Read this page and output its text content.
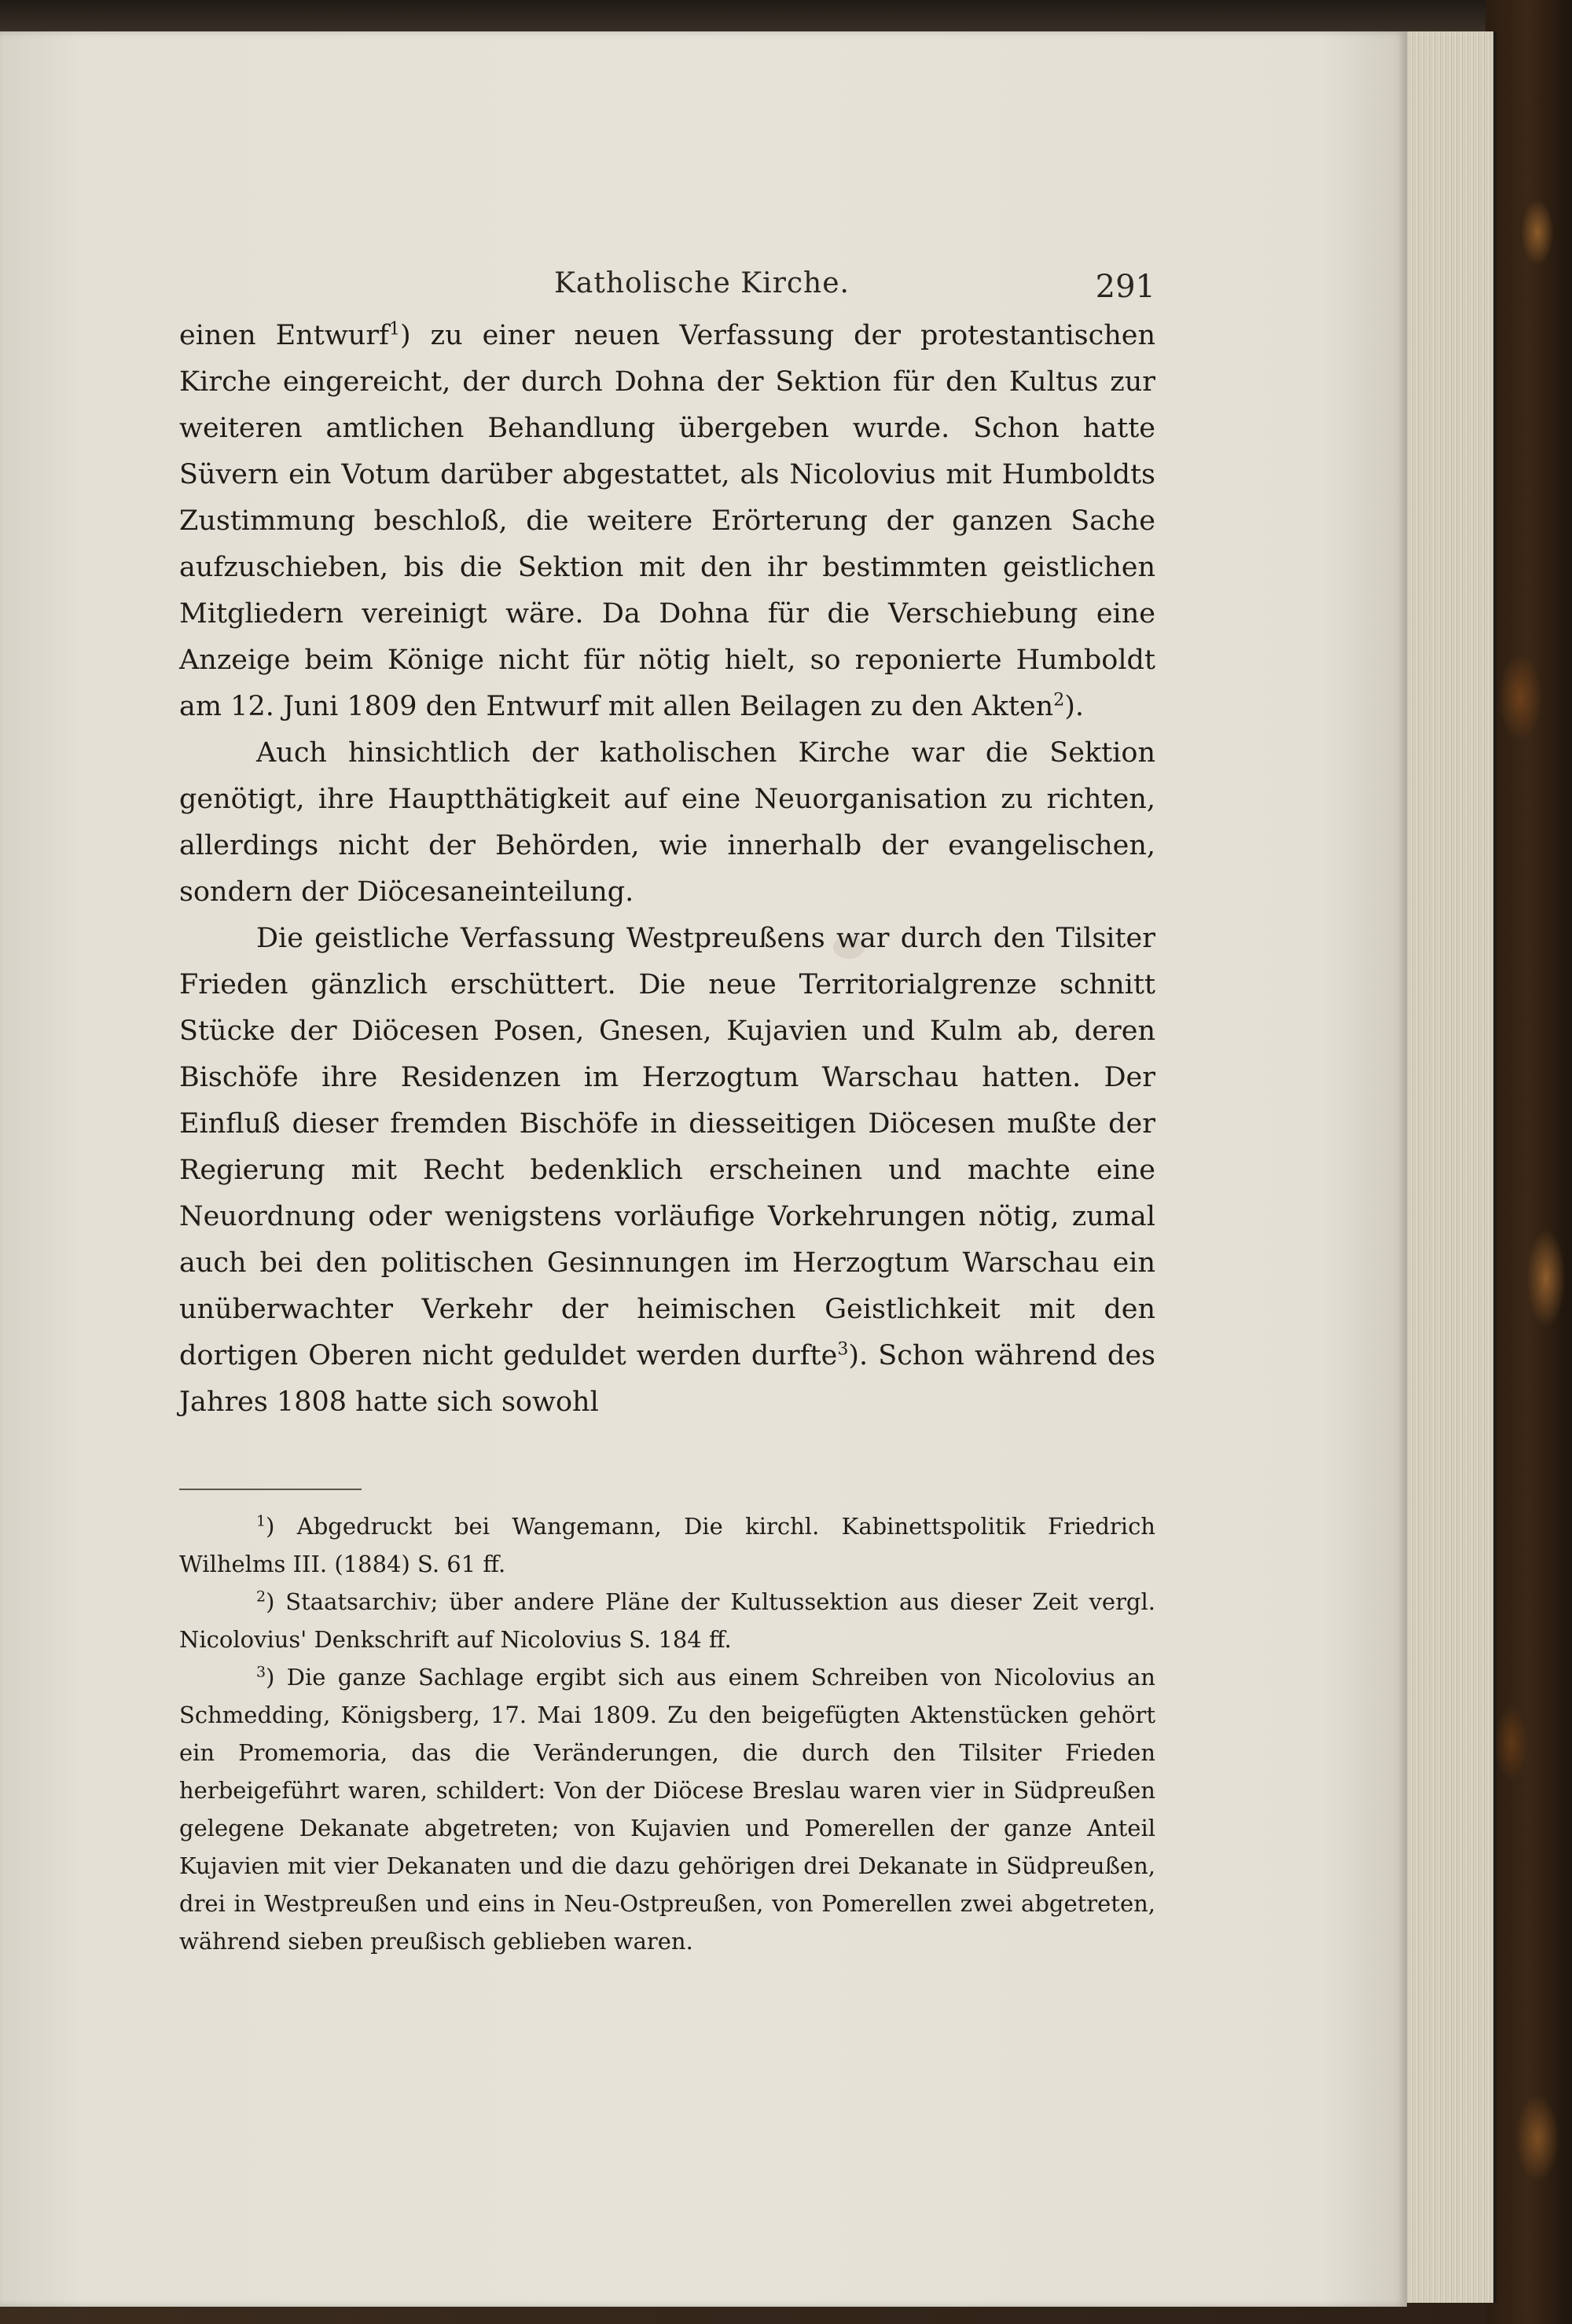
Katholische Kirche.	291

einen Entwurf$^1$) zu einer neuen Verfassung der protestantischen Kirche eingereicht, der durch Dohna der Sektion für den Kultus zur weiteren amtlichen Behandlung übergeben wurde. Schon hatte Süvern ein Votum darüber abgestattet, als Nicolovius mit Humboldts Zustimmung beschloß, die weitere Erörterung der ganzen Sache aufzuschieben, bis die Sektion mit den ihr bestimmten geistlichen Mitgliedern vereinigt wäre. Da Dohna für die Verschiebung eine Anzeige beim Könige nicht für nötig hielt, so reponierte Humboldt am 12. Juni 1809 den Entwurf mit allen Beilagen zu den Akten$^2$).

Auch hinsichtlich der katholischen Kirche war die Sektion genötigt, ihre Hauptthätigkeit auf eine Neuorganisation zu richten, allerdings nicht der Behörden, wie innerhalb der evangelischen, sondern der Diöcesaneinteilung.

Die geistliche Verfassung Westpreußens war durch den Tilsiter Frieden gänzlich erschüttert. Die neue Territorialgrenze schnitt Stücke der Diöcesen Posen, Gnesen, Kujavien und Kulm ab, deren Bischöfe ihre Residenzen im Herzogtum Warschau hatten. Der Einfluß dieser fremden Bischöfe in diesseitigen Diöcesen mußte der Regierung mit Recht bedenklich erscheinen und machte eine Neuordnung oder wenigstens vorläufige Vorkehrungen nötig, zumal auch bei den politischen Gesinnungen im Herzogtum Warschau ein unüberwachter Verkehr der heimischen Geistlichkeit mit den dortigen Oberen nicht geduldet werden durfte$^3$). Schon während des Jahres 1808 hatte sich sowohl

$^1$) Abgedruckt bei Wangemann, Die kirchl. Kabinettspolitik Friedrich Wilhelms III. (1884) S. 61 ff.

$^2$) Staatsarchiv; über andere Pläne der Kultussektion aus dieser Zeit vergl. Nicolovius' Denkschrift auf Nicolovius S. 184 ff.

$^3$) Die ganze Sachlage ergibt sich aus einem Schreiben von Nicolovius an Schmedding, Königsberg, 17. Mai 1809. Zu den beigefügten Aktenstücken gehört ein Promemoria, das die Veränderungen, die durch den Tilsiter Frieden herbeigeführt waren, schildert: Von der Diöcese Breslau waren vier in Südpreußen gelegene Dekanate abgetreten; von Kujavien und Pomerellen der ganze Anteil Kujavien mit vier Dekanaten und die dazu gehörigen drei Dekanate in Südpreußen, drei in Westpreußen und eins in Neu-Ostpreußen, von Pomerellen zwei abgetreten, während sieben preußisch geblieben waren.
